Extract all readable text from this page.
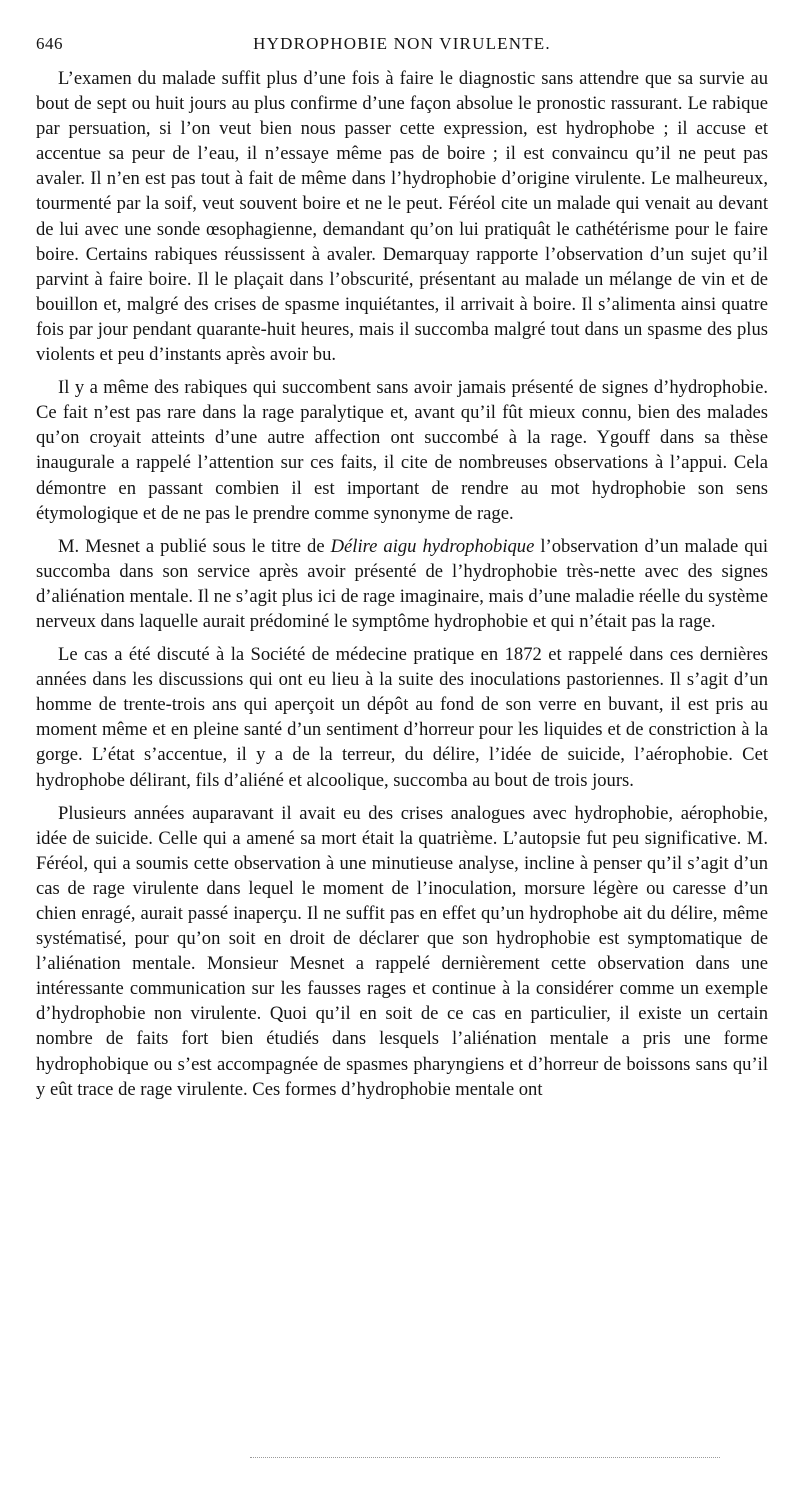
646	HYDROPHOBIE NON VIRULENTE.

L’examen du malade suffit plus d’une fois à faire le diagnostic sans attendre que sa survie au bout de sept ou huit jours au plus confirme d’une façon absolue le pronostic rassurant. Le rabique par persuation, si l’on veut bien nous passer cette expression, est hydrophobe ; il accuse et accentue sa peur de l’eau, il n’essaye même pas de boire ; il est convaincu qu’il ne peut pas avaler. Il n’en est pas tout à fait de même dans l’hydrophobie d’origine virulente. Le malheureux, tourmenté par la soif, veut souvent boire et ne le peut. Féréol cite un malade qui venait au devant de lui avec une sonde œsophagienne, demandant qu’on lui pratiquât le cathétérisme pour le faire boire. Certains rabiques réussissent à avaler. Demarquay rapporte l’observation d’un sujet qu’il parvint à faire boire. Il le plaçait dans l’obscurité, présentant au malade un mélange de vin et de bouillon et, malgré des crises de spasme inquiétantes, il arrivait à boire. Il s’alimenta ainsi quatre fois par jour pendant quarante-huit heures, mais il succomba malgré tout dans un spasme des plus violents et peu d’instants après avoir bu.

Il y a même des rabiques qui succombent sans avoir jamais présenté de signes d’hydrophobie. Ce fait n’est pas rare dans la rage paralytique et, avant qu’il fût mieux connu, bien des malades qu’on croyait atteints d’une autre affection ont succombé à la rage. Ygouff dans sa thèse inaugurale a rappelé l’attention sur ces faits, il cite de nombreuses observations à l’appui. Cela démontre en passant combien il est important de rendre au mot hydrophobie son sens étymologique et de ne pas le prendre comme synonyme de rage.

M. Mesnet a publié sous le titre de Délire aigu hydrophobique l’observation d’un malade qui succomba dans son service après avoir présenté de l’hydrophobie très-nette avec des signes d’aliénation mentale. Il ne s’agit plus ici de rage imaginaire, mais d’une maladie réelle du système nerveux dans laquelle aurait prédominé le symptôme hydrophobie et qui n’était pas la rage.

Le cas a été discuté à la Société de médecine pratique en 1872 et rappelé dans ces dernières années dans les discussions qui ont eu lieu à la suite des inoculations pastoriennes. Il s’agit d’un homme de trente-trois ans qui aperçoit un dépôt au fond de son verre en buvant, il est pris au moment même et en pleine santé d’un sentiment d’horreur pour les liquides et de constriction à la gorge. L’état s’accentue, il y a de la terreur, du délire, l’idée de suicide, l’aérophobie. Cet hydrophobe délirant, fils d’aliéné et alcoolique, succomba au bout de trois jours.

Plusieurs années auparavant il avait eu des crises analogues avec hydrophobie, aérophobie, idée de suicide. Celle qui a amené sa mort était la quatrième. L’autopsie fut peu significative. M. Féréol, qui a soumis cette observation à une minutieuse analyse, incline à penser qu’il s’agit d’un cas de rage virulente dans lequel le moment de l’inoculation, morsure légère ou caresse d’un chien enragé, aurait passé inaperçu. Il ne suffit pas en effet qu’un hydrophobe ait du délire, même systématisé, pour qu’on soit en droit de déclarer que son hydrophobie est symptomatique de l’aliénation mentale. Monsieur Mesnet a rappelé dernièrement cette observation dans une intéressante communication sur les fausses rages et continue à la considérer comme un exemple d’hydrophobie non virulente. Quoi qu’il en soit de ce cas en particulier, il existe un certain nombre de faits fort bien étudiés dans lesquels l’aliénation mentale a pris une forme hydrophobique ou s’est accompagnée de spasmes pharyngiens et d’horreur de boissons sans qu’il y eût trace de rage virulente. Ces formes d’hydrophobie mentale ont
